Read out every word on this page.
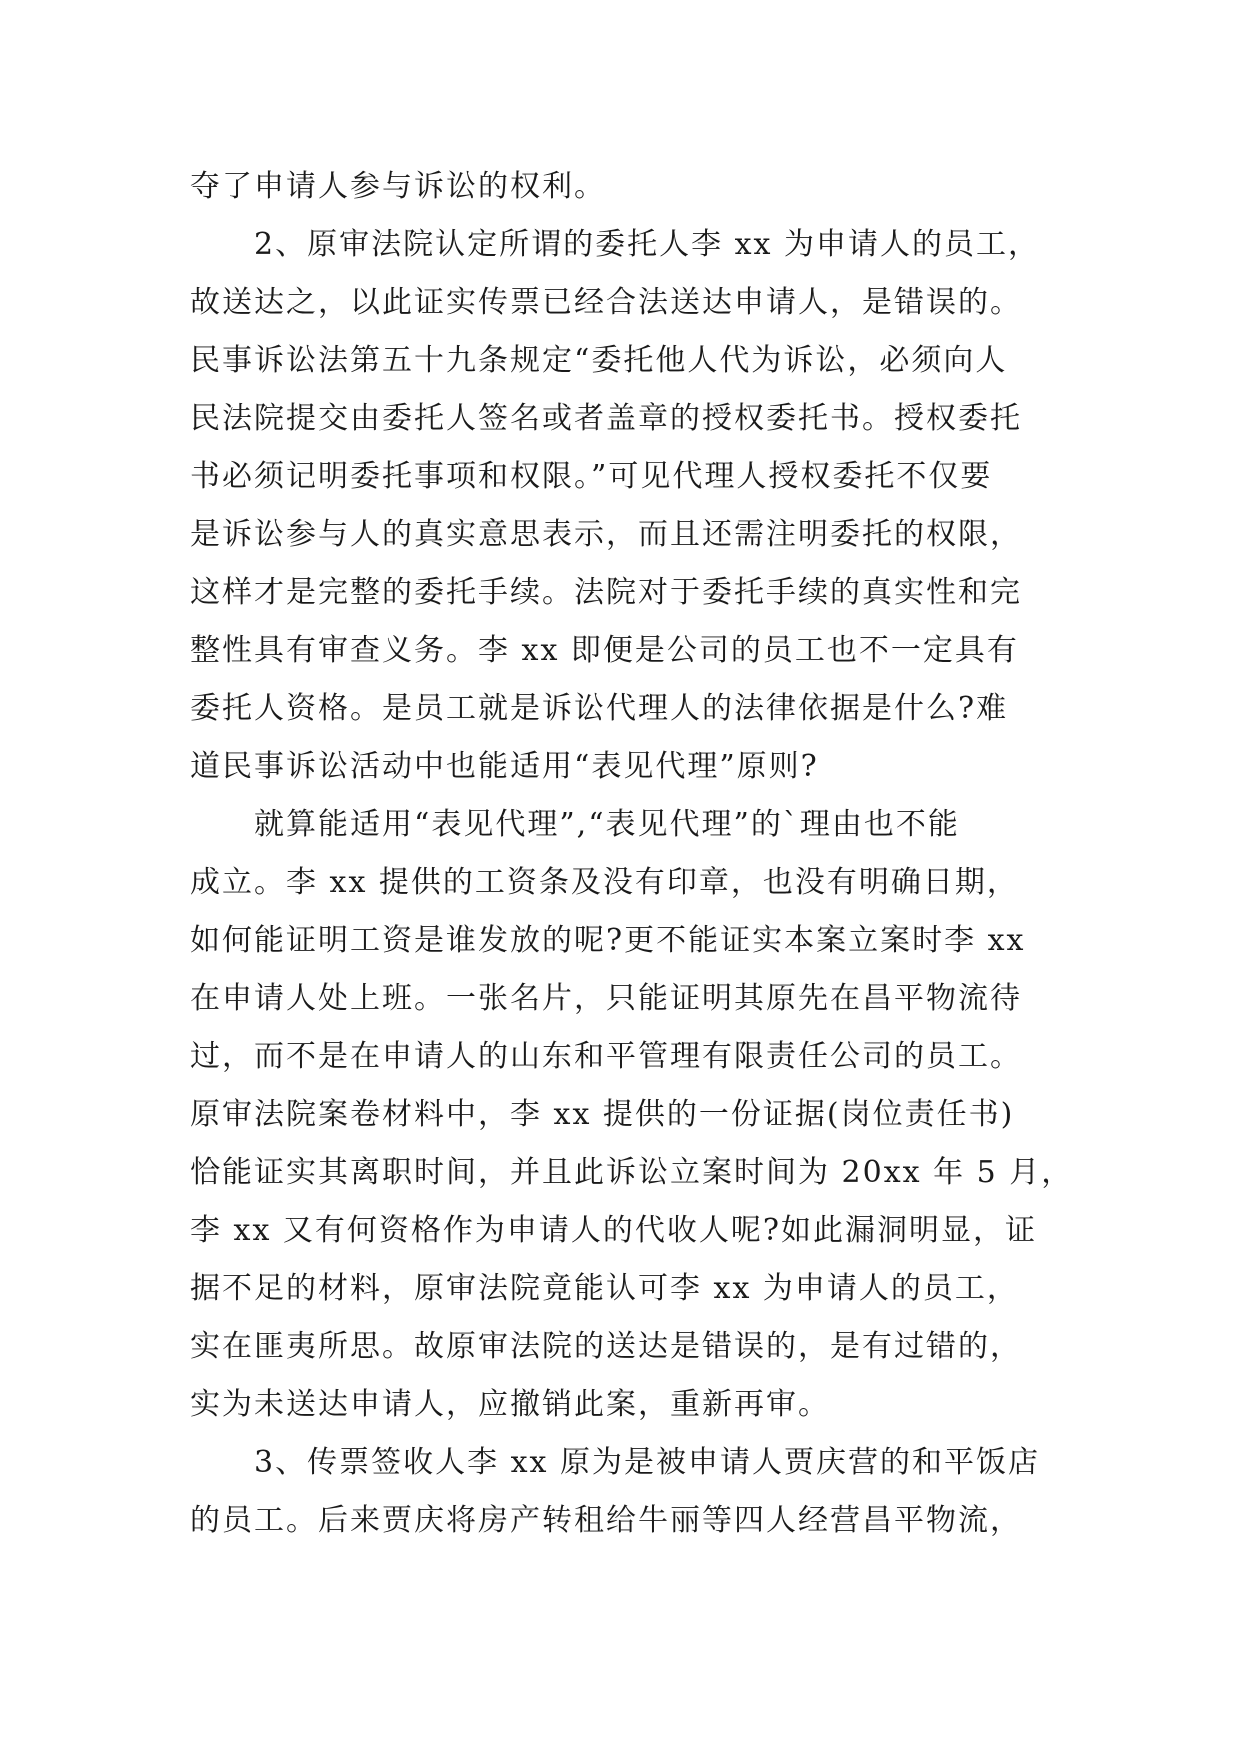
夺了申请人参与诉讼的权利。
2、原审法院认定所谓的委托人李 xx 为申请人的员工，
故送达之，以此证实传票已经合法送达申请人，是错误的。
民事诉讼法第五十九条规定“委托他人代为诉讼，必须向人
民法院提交由委托人签名或者盖章的授权委托书。授权委托
书必须记明委托事项和权限。”可见代理人授权委托不仅要
是诉讼参与人的真实意思表示，而且还需注明委托的权限，
这样才是完整的委托手续。法院对于委托手续的真实性和完
整性具有审查义务。李 xx 即便是公司的员工也不一定具有
委托人资格。是员工就是诉讼代理人的法律依据是什么?难
道民事诉讼活动中也能适用“表见代理”原则?
就算能适用“表见代理”,“表见代理”的`理由也不能
成立。李 xx 提供的工资条及没有印章，也没有明确日期，
如何能证明工资是谁发放的呢?更不能证实本案立案时李 xx
在申请人处上班。一张名片，只能证明其原先在昌平物流待
过，而不是在申请人的山东和平管理有限责任公司的员工。
原审法院案卷材料中，李 xx 提供的一份证据(岗位责任书)
恰能证实其离职时间，并且此诉讼立案时间为 20xx 年 5 月，
李 xx 又有何资格作为申请人的代收人呢?如此漏洞明显，证
据不足的材料，原审法院竟能认可李 xx 为申请人的员工，
实在匪夷所思。故原审法院的送达是错误的，是有过错的，
实为未送达申请人，应撤销此案，重新再审。
3、传票签收人李 xx 原为是被申请人贾庆营的和平饭店
的员工。后来贾庆将房产转租给牛丽等四人经营昌平物流，
